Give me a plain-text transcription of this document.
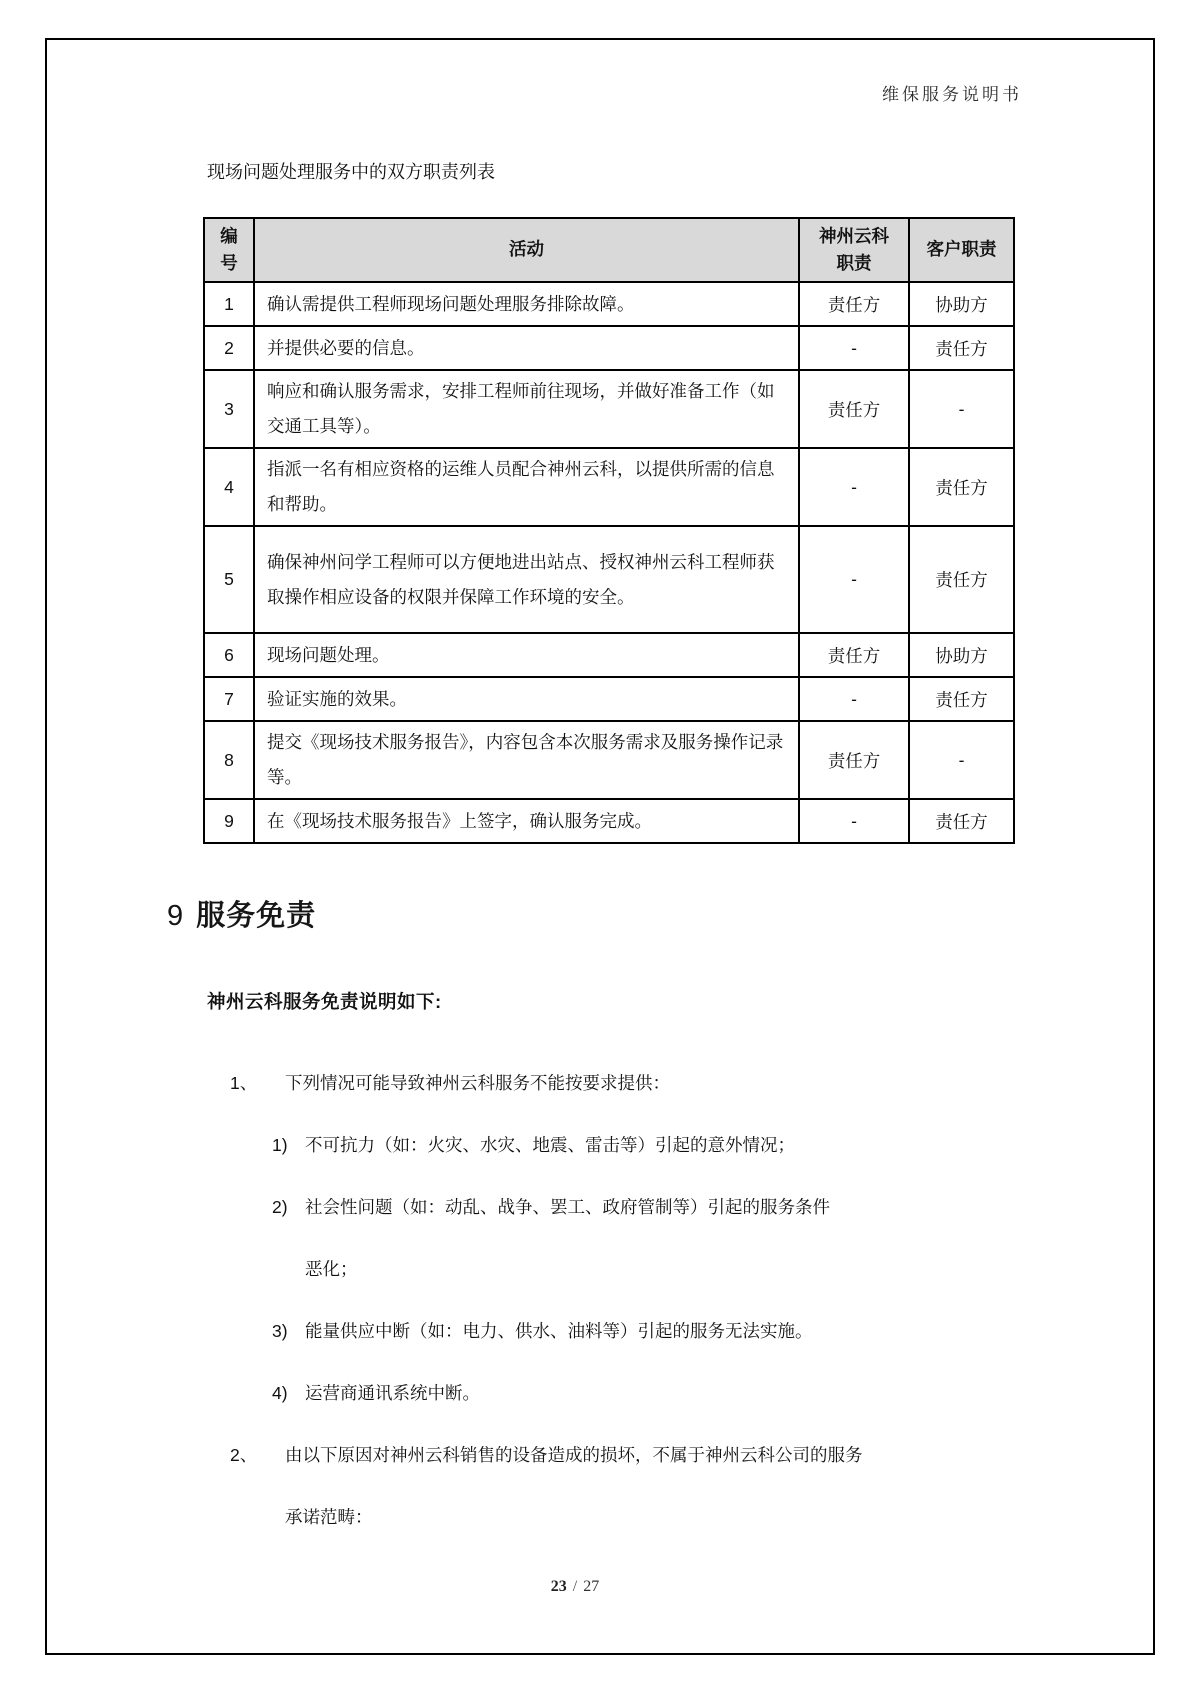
维保服务说明书
现场问题处理服务中的双方职责列表
编号	活动	神州云科职责	客户职责
1	确认需提供工程师现场问题处理服务排除故障。	责任方	协助方
2	并提供必要的信息。	-	责任方
3	响应和确认服务需求，安排工程师前往现场，并做好准备工作（如交通工具等）。	责任方	-
4	指派一名有相应资格的运维人员配合神州云科，以提供所需的信息和帮助。	-	责任方
5	确保神州问学工程师可以方便地进出站点、授权神州云科工程师获取操作相应设备的权限并保障工作环境的安全。	-	责任方
6	现场问题处理。	责任方	协助方
7	验证实施的效果。	-	责任方
8	提交《现场技术服务报告》，内容包含本次服务需求及服务操作记录等。	责任方	-
9	在《现场技术服务报告》上签字，确认服务完成。	-	责任方
9 服务免责
神州云科服务免责说明如下:
1、	下列情况可能导致神州云科服务不能按要求提供：
1) 不可抗力（如：火灾、水灾、地震、雷击等）引起的意外情况；
2) 社会性问题（如：动乱、战争、罢工、政府管制等）引起的服务条件
恶化；
3) 能量供应中断（如：电力、供水、油料等）引起的服务无法实施。
4) 运营商通讯系统中断。
2、	由以下原因对神州云科销售的设备造成的损坏，不属于神州云科公司的服务
承诺范畴：
23 / 27
